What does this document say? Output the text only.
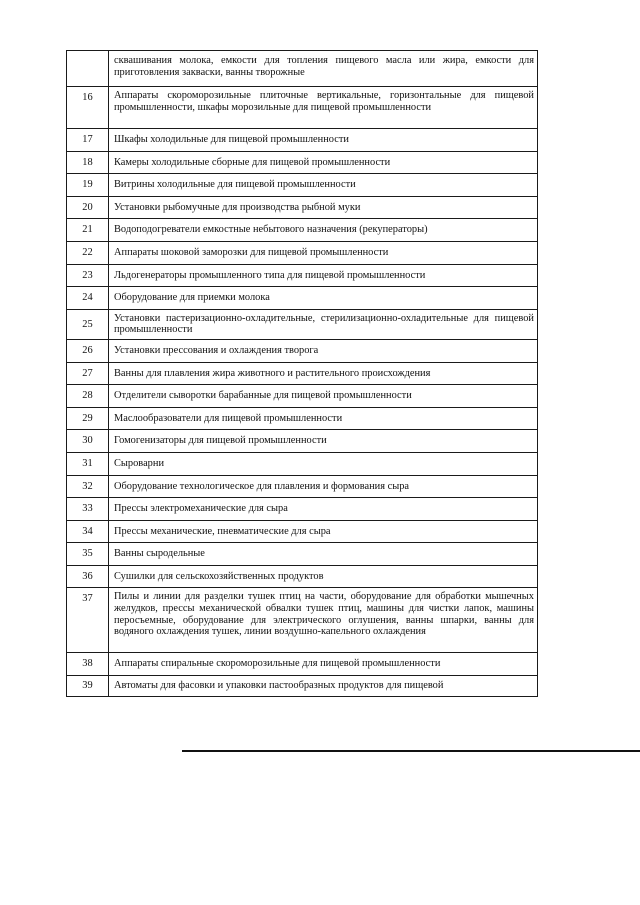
	сквашивания молока, емкости для топления пищевого масла или жира, емкости для приготовления закваски, ванны творожные
16	Аппараты скороморозильные плиточные вертикальные, горизонтальные для пищевой промышленности, шкафы морозильные для пищевой промышленности
17	Шкафы холодильные для пищевой промышленности
18	Камеры холодильные сборные для пищевой промышленности
19	Витрины холодильные для пищевой промышленности
20	Установки рыбомучные для производства рыбной муки
21	Водоподогреватели емкостные небытового назначения (рекуператоры)
22	Аппараты шоковой заморозки для пищевой промышленности
23	Льдогенераторы промышленного типа для пищевой промышленности
24	Оборудование для приемки молока
25	Установки пастеризационно-охладительные, стерилизационно-охладительные для пищевой промышленности
26	Установки прессования и охлаждения творога
27	Ванны для плавления жира животного и растительного происхождения
28	Отделители сыворотки барабанные для пищевой промышленности
29	Маслообразователи для пищевой промышленности
30	Гомогенизаторы для пищевой промышленности
31	Сыроварни
32	Оборудование технологическое для плавления и формования сыра
33	Прессы электромеханические для сыра
34	Прессы механические, пневматические для сыра
35	Ванны сыродельные
36	Сушилки для сельскохозяйственных продуктов
37	Пилы и линии для разделки тушек птиц на части, оборудование для обработки мышечных желудков, прессы механической обвалки тушек птиц, машины для чистки лапок, машины перосъемные, оборудование для электрического оглушения, ванны шпарки, ванны для водяного охлаждения тушек, линии воздушно-капельного охлаждения
38	Аппараты спиральные скороморозильные для пищевой промышленности
39	Автоматы для фасовки и упаковки пастообразных продуктов для пищевой
